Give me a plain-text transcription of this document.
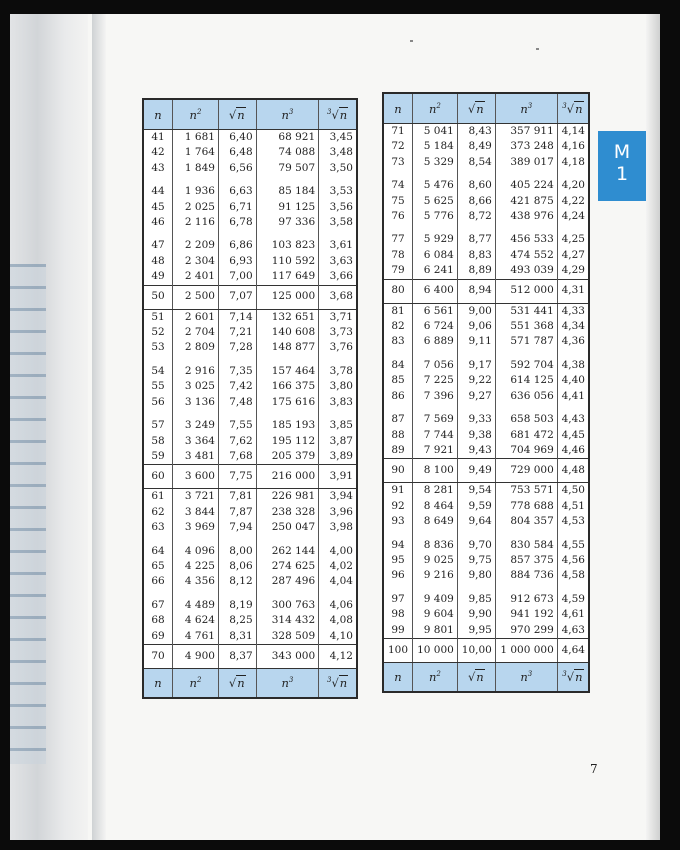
n	$n^2$	√n	$n^3$	$^3$√n
41	1 681	6,40	68 921	3,45
42	1 764	6,48	74 088	3,48
43	1 849	6,56	79 507	3,50
44	1 936	6,63	85 184	3,53
45	2 025	6,71	91 125	3,56
46	2 116	6,78	97 336	3,58
47	2 209	6,86	103 823	3,61
48	2 304	6,93	110 592	3,63
49	2 401	7,00	117 649	3,66
50	2 500	7,07	125 000	3,68
51	2 601	7,14	132 651	3,71
52	2 704	7,21	140 608	3,73
53	2 809	7,28	148 877	3,76
54	2 916	7,35	157 464	3,78
55	3 025	7,42	166 375	3,80
56	3 136	7,48	175 616	3,83
57	3 249	7,55	185 193	3,85
58	3 364	7,62	195 112	3,87
59	3 481	7,68	205 379	3,89
60	3 600	7,75	216 000	3,91
61	3 721	7,81	226 981	3,94
62	3 844	7,87	238 328	3,96
63	3 969	7,94	250 047	3,98
64	4 096	8,00	262 144	4,00
65	4 225	8,06	274 625	4,02
66	4 356	8,12	287 496	4,04
67	4 489	8,19	300 763	4,06
68	4 624	8,25	314 432	4,08
69	4 761	8,31	328 509	4,10
70	4 900	8,37	343 000	4,12
n	$n^2$	√n	$n^3$	$^3$√n
n	$n^2$	√n	$n^3$	$^3$√n
71	5 041	8,43	357 911	4,14
72	5 184	8,49	373 248	4,16
73	5 329	8,54	389 017	4,18
74	5 476	8,60	405 224	4,20
75	5 625	8,66	421 875	4,22
76	5 776	8,72	438 976	4,24
77	5 929	8,77	456 533	4,25
78	6 084	8,83	474 552	4,27
79	6 241	8,89	493 039	4,29
80	6 400	8,94	512 000	4,31
81	6 561	9,00	531 441	4,33
82	6 724	9,06	551 368	4,34
83	6 889	9,11	571 787	4,36
84	7 056	9,17	592 704	4,38
85	7 225	9,22	614 125	4,40
86	7 396	9,27	636 056	4,41
87	7 569	9,33	658 503	4,43
88	7 744	9,38	681 472	4,45
89	7 921	9,43	704 969	4,46
90	8 100	9,49	729 000	4,48
91	8 281	9,54	753 571	4,50
92	8 464	9,59	778 688	4,51
93	8 649	9,64	804 357	4,53
94	8 836	9,70	830 584	4,55
95	9 025	9,75	857 375	4,56
96	9 216	9,80	884 736	4,58
97	9 409	9,85	912 673	4,59
98	9 604	9,90	941 192	4,61
99	9 801	9,95	970 299	4,63
100	10 000	10,00	1 000 000	4,64
n	$n^2$	√n	$n^3$	$^3$√n
M
1
7
